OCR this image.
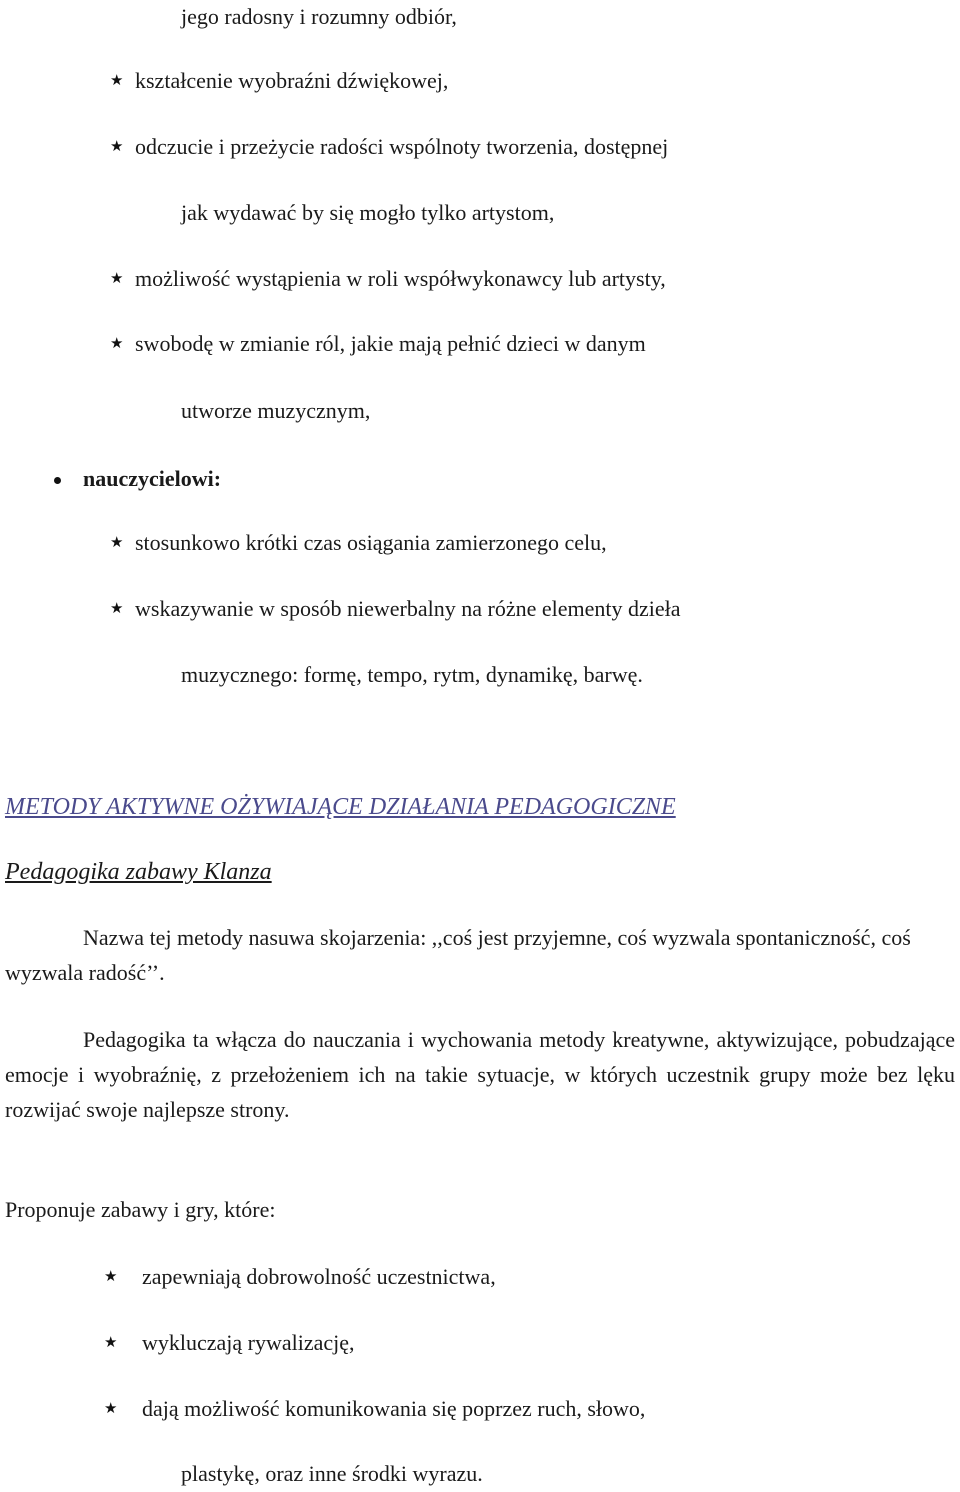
jego radosny i rozumny odbiór,
★ kształcenie wyobraźni dźwiękowej,
★ odczucie i przeżycie radości wspólnoty tworzenia, dostępnej
jak wydawać by się mogło tylko artystom,
★ możliwość wystąpienia w roli współwykonawcy lub artysty,
★ swobodę w zmianie ról, jakie mają pełnić dzieci w danym
utworze muzycznym,
nauczycielowi:
★ stosunkowo krótki czas osiągania zamierzonego celu,
★ wskazywanie w sposób niewerbalny na różne elementy dzieła
muzycznego: formę, tempo, rytm, dynamikę, barwę.
METODY AKTYWNE OŻYWIAJĄCE DZIAŁANIA PEDAGOGICZNE
Pedagogika zabawy Klanza
Nazwa tej metody nasuwa skojarzenia: ,,coś jest przyjemne, coś wyzwala spontaniczność, coś wyzwala radość’’.
Pedagogika ta włącza do nauczania i wychowania metody kreatywne, aktywizujące, pobudzające emocje i wyobraźnię, z przełożeniem ich na takie sytuacje, w których uczestnik grupy może bez lęku rozwijać swoje najlepsze strony.
Proponuje zabawy i gry, które:
★ zapewniają dobrowolność uczestnictwa,
★ wykluczają rywalizację,
★ dają możliwość komunikowania się poprzez ruch, słowo,
plastykę, oraz inne środki wyrazu.
